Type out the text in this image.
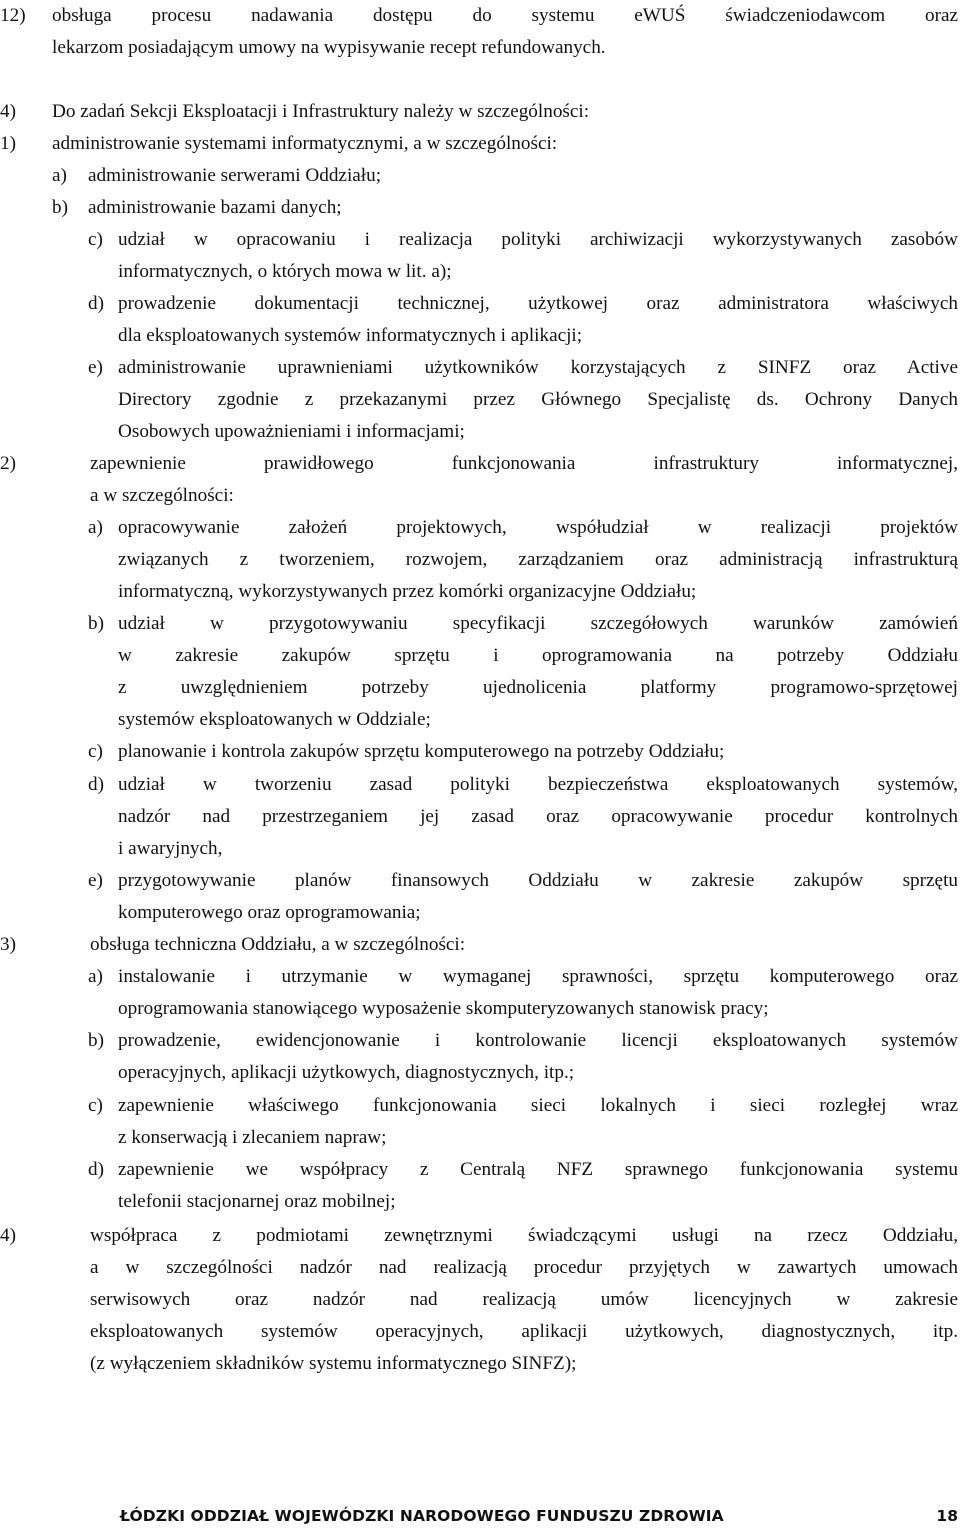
12) obsługa procesu nadawania dostępu do systemu eWUŚ świadczeniodawcom oraz
lekarzom posiadającym umowy na wypisywanie recept refundowanych.
4) Do zadań Sekcji Eksploatacji i Infrastruktury należy w szczególności:
1) administrowanie systemami informatycznymi, a w szczególności:
a) administrowanie serwerami Oddziału;
b) administrowanie bazami danych;
c) udział w opracowaniu i realizacja polityki archiwizacji wykorzystywanych zasobów
informatycznych, o których mowa w lit. a);
d) prowadzenie dokumentacji technicznej, użytkowej oraz administratora właściwych
dla eksploatowanych systemów informatycznych i aplikacji;
e) administrowanie uprawnieniami użytkowników korzystających z SINFZ oraz Active
Directory zgodnie z przekazanymi przez Głównego Specjalistę ds. Ochrony Danych
Osobowych upoważnieniami i informacjami;
2)	zapewnienie prawidłowego funkcjonowania infrastruktury informatycznej,
a w szczególności:
a) opracowywanie założeń projektowych, współudział w realizacji projektów
związanych z tworzeniem, rozwojem, zarządzaniem oraz administracją infrastrukturą
informatyczną, wykorzystywanych przez komórki organizacyjne Oddziału;
b) udział w przygotowywaniu specyfikacji szczegółowych warunków zamówień
w zakresie zakupów sprzętu i oprogramowania na potrzeby Oddziału
z uwzględnieniem potrzeby ujednolicenia platformy programowo-sprzętowej
systemów eksploatowanych w Oddziale;
c) planowanie i kontrola zakupów sprzętu komputerowego na potrzeby Oddziału;
d) udział w tworzeniu zasad polityki bezpieczeństwa eksploatowanych systemów,
nadzór nad przestrzeganiem jej zasad oraz opracowywanie procedur kontrolnych
i awaryjnych,
e) przygotowywanie planów finansowych Oddziału w zakresie zakupów sprzętu
komputerowego oraz oprogramowania;
3)	obsługa techniczna Oddziału, a w szczególności:
a) instalowanie i utrzymanie w wymaganej sprawności, sprzętu komputerowego oraz
oprogramowania stanowiącego wyposażenie skomputeryzowanych stanowisk pracy;
b) prowadzenie, ewidencjonowanie i kontrolowanie licencji eksploatowanych systemów
operacyjnych, aplikacji użytkowych, diagnostycznych, itp.;
c) zapewnienie właściwego funkcjonowania sieci lokalnych i sieci rozległej wraz
z konserwacją i zlecaniem napraw;
d) zapewnienie we współpracy z Centralą NFZ sprawnego funkcjonowania systemu
telefonii stacjonarnej oraz mobilnej;
4)	współpraca z podmiotami zewnętrznymi świadczącymi usługi na rzecz Oddziału,
a w szczególności nadzór nad realizacją procedur przyjętych w zawartych umowach
serwisowych oraz nadzór nad realizacją umów licencyjnych w zakresie
eksploatowanych systemów operacyjnych, aplikacji użytkowych, diagnostycznych, itp.
(z wyłączeniem składników systemu informatycznego SINFZ);
ŁÓDZKI ODDZIAŁ WOJEWÓDZKI NARODOWEGO FUNDUSZU ZDROWIA	18
